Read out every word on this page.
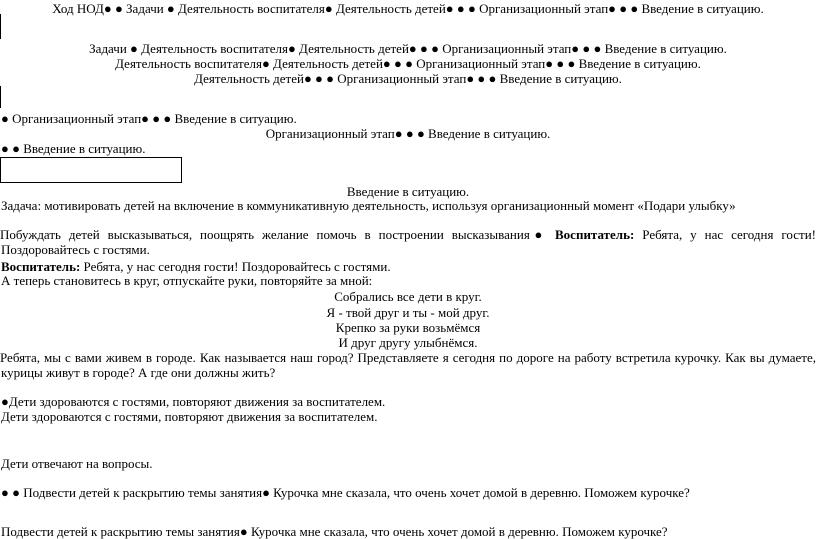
Ход НОД● ● Задачи ● Деятельность воспитателя● Деятельность детей● ● ● Организационный этап● ● ● Введение в ситуацию.
Задачи ● Деятельность воспитателя● Деятельность детей● ● ● Организационный этап● ● ● Введение в ситуацию.
Деятельность воспитателя● Деятельность детей● ● ● Организационный этап● ● ● Введение в ситуацию.
Деятельность детей● ● ● Организационный этап● ● ● Введение в ситуацию.
● Организационный этап● ● ● Введение в ситуацию.
Организационный этап● ● ● Введение в ситуацию.
● ● Введение в ситуацию.
Введение в ситуацию.
Задача: мотивировать детей на включение в коммуникативную деятельность, используя организационный момент «Подари улыбку»
Побуждать детей высказываться, поощрять желание помочь в построении высказывания● Воспитатель: Ребята, у нас сегодня гости!
Поздоровайтесь с гостями.
Воспитатель: Ребята, у нас сегодня гости! Поздоровайтесь с гостями.
А теперь становитесь в круг, отпускайте руки, повторяйте за мной:
Собрались все дети в круг.
Я - твой друг и ты - мой друг.
Крепко за руки возьмёмся
И друг другу улыбнёмся.
Ребята, мы с вами живем в городе. Как называется наш город? Представляете я сегодня по дороге на работу встретила курочку. Как вы думаете,
курицы живут в городе? А где они должны жить?
●Дети здороваются с гостями, повторяют движения за воспитателем.
Дети здороваются с гостями, повторяют движения за воспитателем.
Дети отвечают на вопросы.
● ● Подвести детей к раскрытию темы занятия● Курочка мне сказала, что очень хочет домой в деревню. Поможем курочке?
Подвести детей к раскрытию темы занятия● Курочка мне сказала, что очень хочет домой в деревню. Поможем курочке?
